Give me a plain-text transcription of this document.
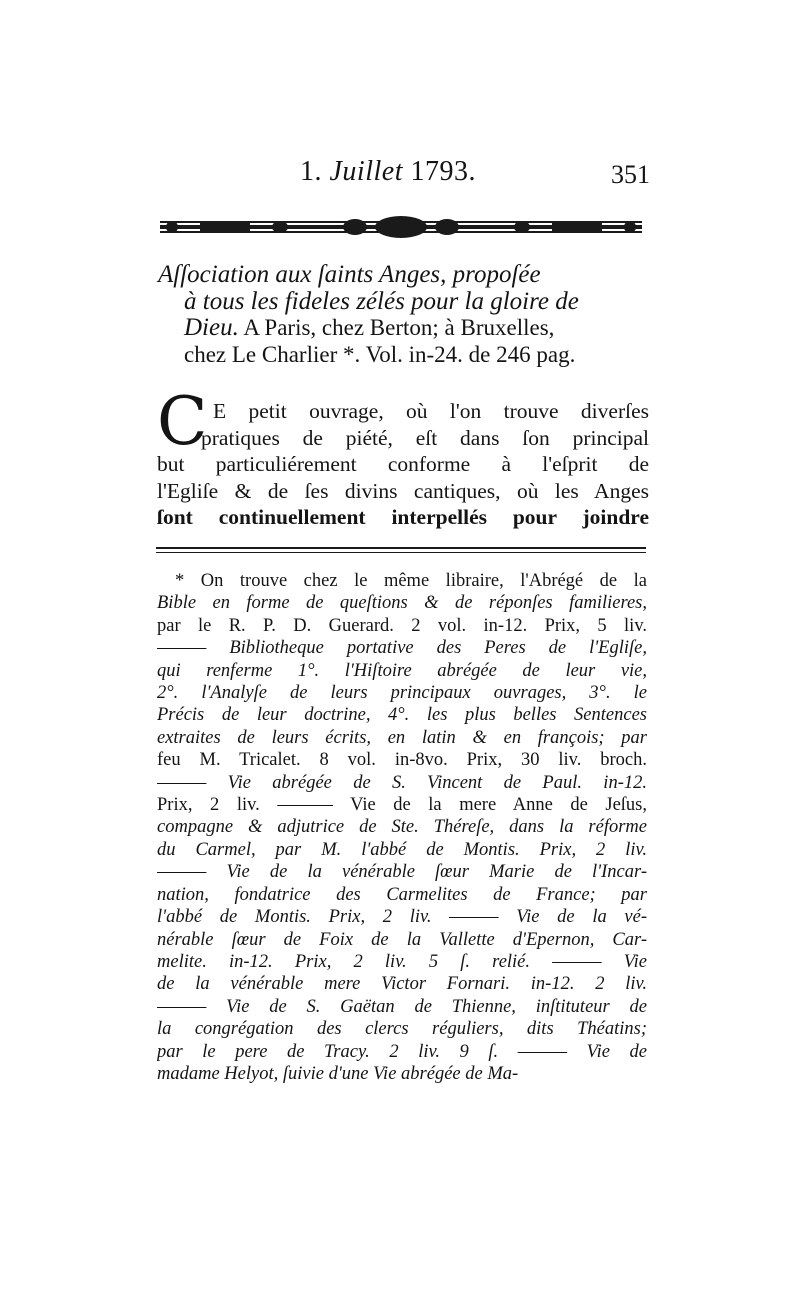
1. Juillet 1793.	351
Aſſociation aux ſaints Anges, propoſée
à tous les fideles zélés pour la gloire de
Dieu. A Paris, chez Berton; à Bruxelles,
chez Le Charlier *. Vol. in-24. de 246 pag.
C E petit ouvrage, où l'on trouve diverſes
pratiques de piété, eſt dans ſon principal
but particuliérement conforme à l'eſprit de
l'Egliſe & de ſes divins cantiques, où les Anges
ſont continuellement interpellés pour joindre
* On trouve chez le même libraire, l'Abrégé de la
Bible en forme de queſtions & de réponſes familieres,
par le R. P. D. Guerard. 2 vol. in-12. Prix, 5 liv.
——— Bibliotheque portative des Peres de l'Egliſe,
qui renferme 1°. l'Hiſtoire abrégée de leur vie,
2°. l'Analyſe de leurs principaux ouvrages, 3°. le
Précis de leur doctrine, 4°. les plus belles Sentences
extraites de leurs écrits, en latin & en françois; par
feu M. Tricalet. 8 vol. in-8vo. Prix, 30 liv. broch.
——— Vie abrégée de S. Vincent de Paul. in-12.
Prix, 2 liv. ——— Vie de la mere Anne de Jeſus,
compagne & adjutrice de Ste. Théreſe, dans la réforme
du Carmel, par M. l'abbé de Montis. Prix, 2 liv.
——— Vie de la vénérable ſœur Marie de l'Incar-
nation, fondatrice des Carmelites de France; par
l'abbé de Montis. Prix, 2 liv. ——— Vie de la vé-
nérable ſœur de Foix de la Vallette d'Epernon, Car-
melite. in-12. Prix, 2 liv. 5 ſ. relié. ——— Vie
de la vénérable mere Victor Fornari. in-12. 2 liv.
——— Vie de S. Gaëtan de Thienne, inſtituteur de
la congrégation des clercs réguliers, dits Théatins;
par le pere de Tracy. 2 liv. 9 ſ. ——— Vie de
madame Helyot, ſuivie d'une Vie abrégée de Ma-
